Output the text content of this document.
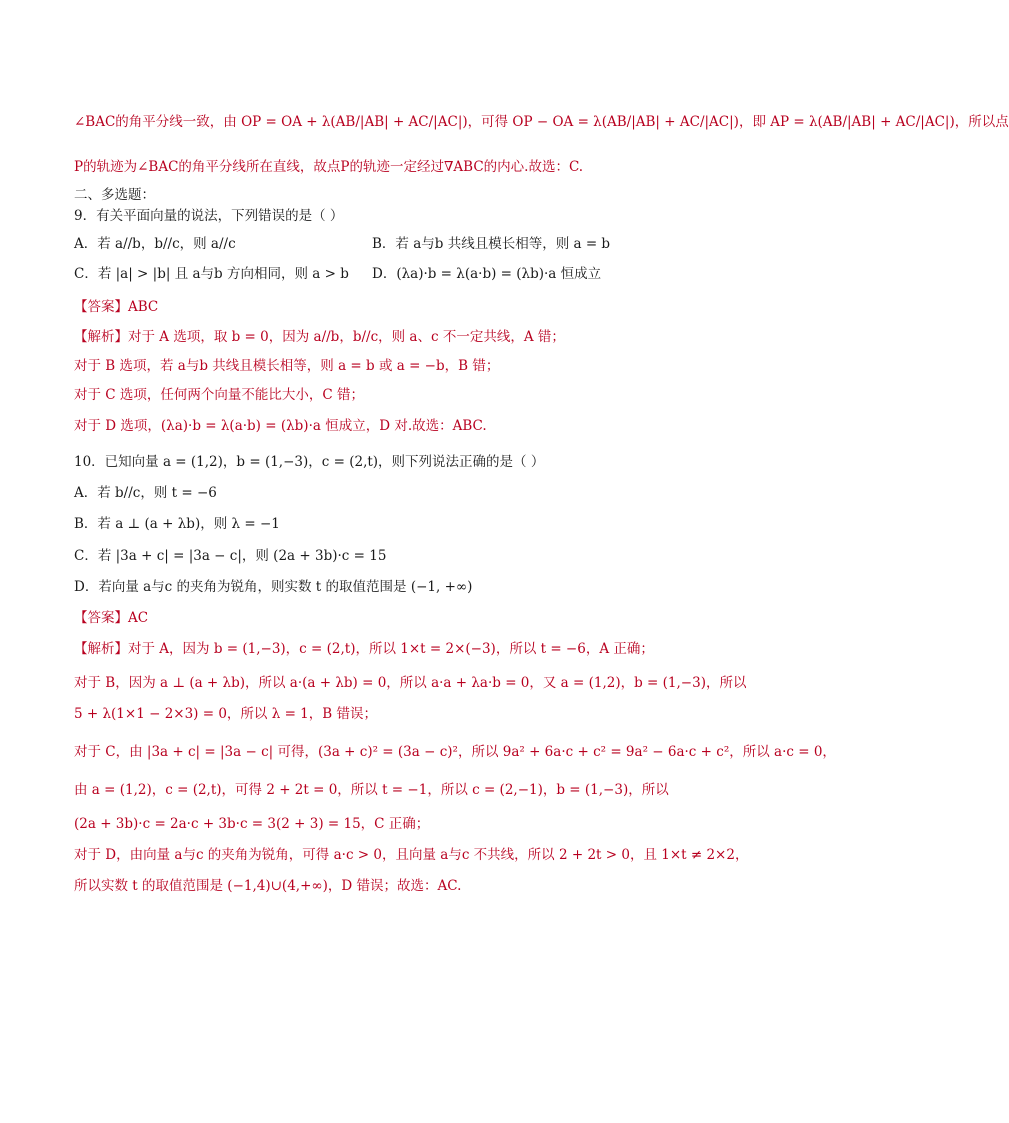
∠BAC的角平分线一致，由 OP = OA + λ(AB/|AB| + AC/|AC|)，可得 OP − OA = λ(AB/|AB| + AC/|AC|)，即 AP = λ(AB/|AB| + AC/|AC|)，所以点
P的轨迹为∠BAC的角平分线所在直线，故点P的轨迹一定经过∇ABC的内心.故选：C.
二、多选题：
9．有关平面向量的说法，下列错误的是（ ）
A．若 a//b，b//c，则 a//c	B．若 a与b 共线且模长相等，则 a = b
C．若 |a| > |b| 且 a与b 方向相同，则 a > b D．(λa)·b = λ(a·b) = (λb)·a 恒成立
【答案】ABC
【解析】对于 A 选项，取 b = 0，因为 a//b，b//c，则 a、c 不一定共线，A 错；
对于 B 选项，若 a与b 共线且模长相等，则 a = b 或 a = −b，B 错；
对于 C 选项，任何两个向量不能比大小，C 错；
对于 D 选项，(λa)·b = λ(a·b) = (λb)·a 恒成立，D 对.故选：ABC.
10．已知向量 a = (1,2)，b = (1,−3)，c = (2,t)，则下列说法正确的是（ ）
A．若 b//c，则 t = −6
B．若 a ⊥ (a + λb)，则 λ = −1
C．若 |3a + c| = |3a − c|，则 (2a + 3b)·c = 15
D．若向量 a与c 的夹角为锐角，则实数 t 的取值范围是 (−1, +∞)
【答案】AC
【解析】对于 A，因为 b = (1,−3)，c = (2,t)，所以 1×t = 2×(−3)，所以 t = −6，A 正确；
对于 B，因为 a ⊥ (a + λb)，所以 a·(a + λb) = 0，所以 a·a + λa·b = 0，又 a = (1,2)，b = (1,−3)，所以
5 + λ(1×1 − 2×3) = 0，所以 λ = 1，B 错误；
对于 C，由 |3a + c| = |3a − c| 可得，(3a + c)² = (3a − c)²，所以 9a² + 6a·c + c² = 9a² − 6a·c + c²，所以 a·c = 0，
由 a = (1,2)，c = (2,t)，可得 2 + 2t = 0，所以 t = −1，所以 c = (2,−1)，b = (1,−3)，所以
(2a + 3b)·c = 2a·c + 3b·c = 3(2 + 3) = 15，C 正确；
对于 D，由向量 a与c 的夹角为锐角，可得 a·c > 0，且向量 a与c 不共线，所以 2 + 2t > 0，且 1×t ≠ 2×2，
所以实数 t 的取值范围是 (−1,4)∪(4,+∞)，D 错误；故选：AC.
